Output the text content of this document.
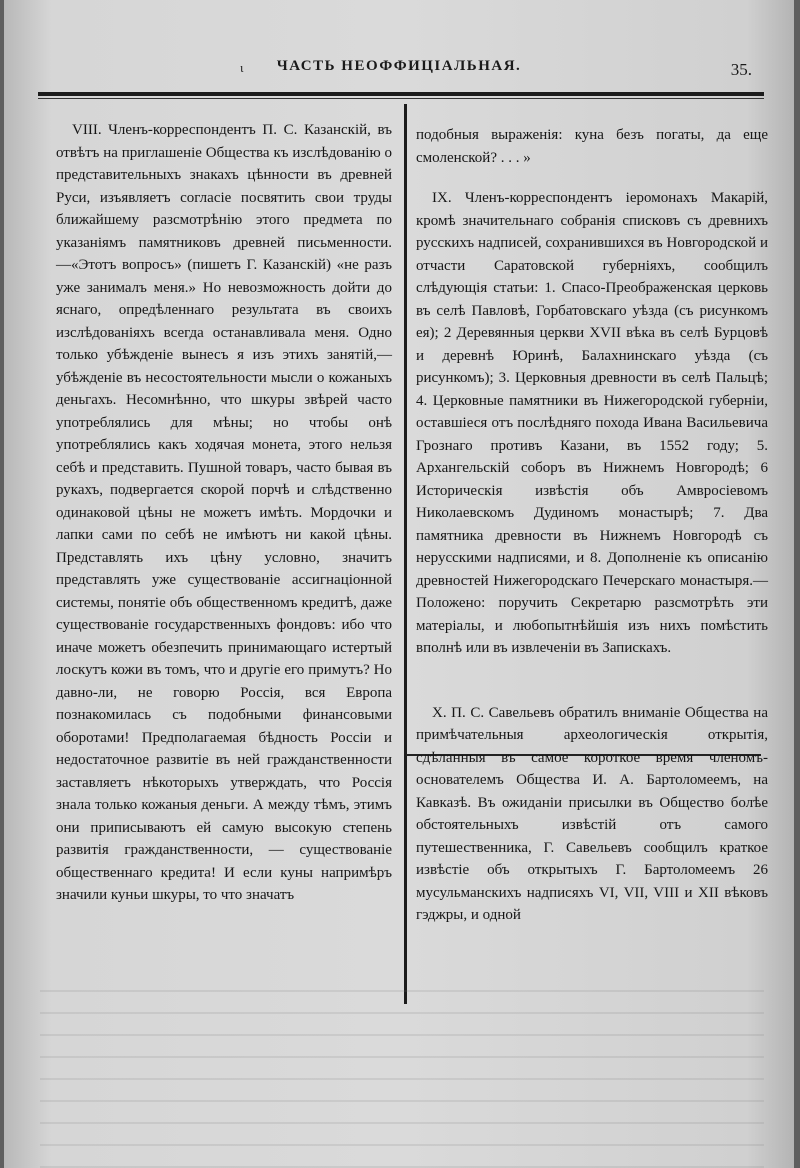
ɩ	ЧАСТЬ НЕОФФИЦІАЛЬНАЯ.	35.

VIII. Членъ-корреспондентъ П. С. Казанскій, въ отвѣтъ на приглашеніе Общества къ изслѣдованію о представительныхъ знакахъ цѣнности въ древней Руси, изъявляетъ согласіе посвятить свои труды ближайшему разсмотрѣнію этого предмета по указаніямъ памятниковъ древней письменности.—«Этотъ вопросъ» (пишетъ Г. Казанскій) «не разъ уже занималъ меня.» Но невозможность дойти до яснаго, опредѣленнаго результата въ своихъ изслѣдованіяхъ всегда останавливала меня. Одно только убѣжденіе вынесъ я изъ этихъ занятій,—убѣжденіе въ несостоятельности мысли о кожаныхъ деньгахъ. Несомнѣнно, что шкуры звѣрей часто употреблялись для мѣны; но чтобы онѣ употреблялись какъ ходячая монета, этого нельзя себѣ и представить. Пушной товаръ, часто бывая въ рукахъ, подвергается скорой порчѣ и слѣдственно одинаковой цѣны не можетъ имѣть. Мордочки и лапки сами по себѣ не имѣютъ ни какой цѣны. Представлять ихъ цѣну условно, значитъ представлять уже существованіе ассигнаціонной системы, понятіе объ общественномъ кредитѣ, даже существованіе государственныхъ фондовъ: ибо что иначе можетъ обезпечить принимающаго истертый лоскутъ кожи въ томъ, что и другіе его примутъ? Но давно-ли, не говорю Россія, вся Европа познакомилась съ подобными финансовыми оборотами! Предполагаемая бѣдность Россіи и недостаточное развитіе въ ней гражданственности заставляетъ нѣкоторыхъ утверждать, что Россія знала только кожаныя деньги. А между тѣмъ, этимъ они приписываютъ ей самую высокую степень развитія гражданственности, — существованіе общественнаго кредита! И если куны напримѣръ значили куньи шкуры, то что значатъ

подобныя выраженія: куна безъ погаты, да еще смоленской? . . . »

IX. Членъ-корреспондентъ іеромонахъ Макарій, кромѣ значительнаго собранія списковъ съ древнихъ русскихъ надписей, сохранившихся въ Новгородской и отчасти Саратовской губерніяхъ, сообщилъ слѣдующія статьи: 1. Спасо-Преображенская церковь въ селѣ Павловѣ, Горбатовскаго уѣзда (съ рисункомъ ея); 2 Деревянныя церкви XVII вѣка въ селѣ Бурцовѣ и деревнѣ Юринѣ, Балахнинскаго уѣзда (съ рисункомъ); 3. Церковныя древности въ селѣ Пальцѣ; 4. Церковные памятники въ Нижегородской губерніи, оставшіеся отъ послѣдняго похода Ивана Васильевича Грознаго противъ Казани, въ 1552 году; 5. Архангельскій соборъ въ Нижнемъ Новгородѣ; 6 Историческія извѣстія объ Амвросіевомъ Николаевскомъ Дудиномъ монастырѣ; 7. Два памятника древности въ Нижнемъ Новгородѣ съ нерусскими надписями, и 8. Дополненіе къ описанію древностей Нижегородскаго Печерскаго монастыря.—Положено: поручить Секретарю разсмотрѣть эти матеріалы, и любопытнѣйшія изъ нихъ помѣстить вполнѣ или въ извлеченіи въ Запискахъ.

X. П. С. Савельевъ обратилъ вниманіе Общества на примѣчательныя археологическія открытія, сдѣланныя въ самое короткое время членомъ-основателемъ Общества И. А. Бартоломеемъ, на Кавказѣ. Въ ожиданіи присылки въ Общество болѣе обстоятельныхъ извѣстій отъ самого путешественника, Г. Савельевъ сообщилъ краткое извѣстіе объ открытыхъ Г. Бартоломеемъ 26 мусульманскихъ надписяхъ VI, VII, VIII и XII вѣковъ гэджры, и одной
